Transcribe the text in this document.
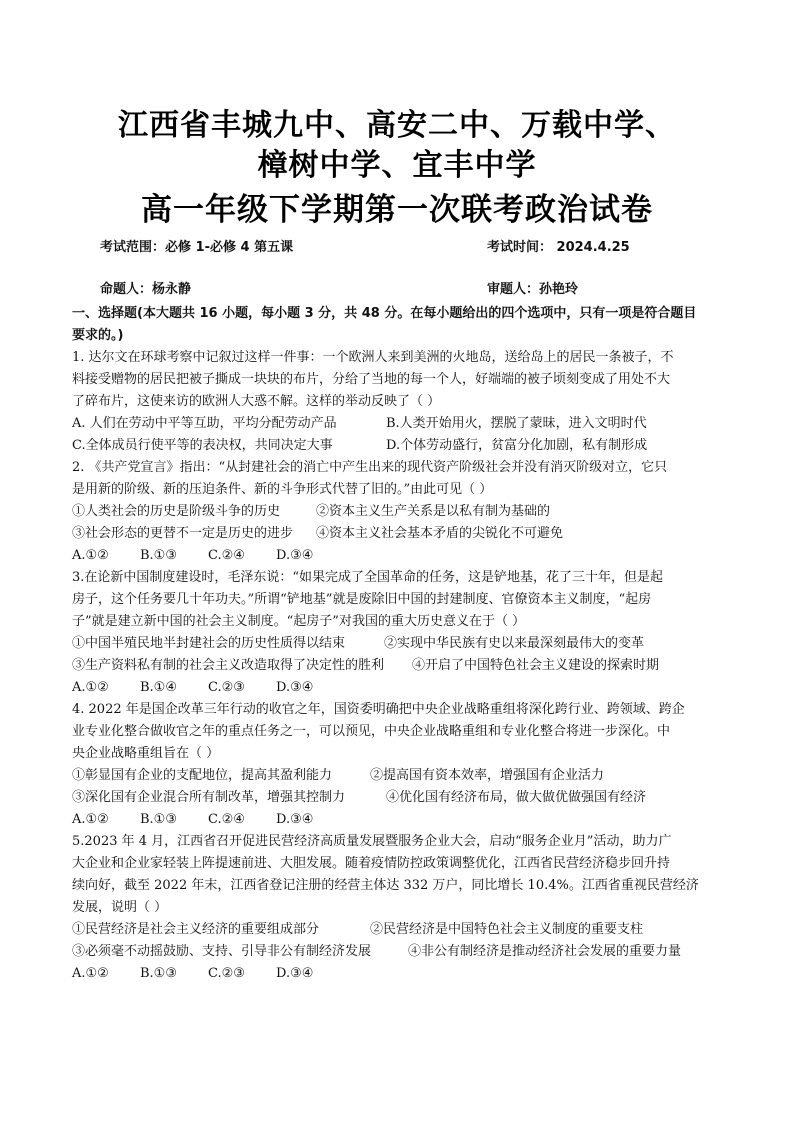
江西省丰城九中、高安二中、万载中学、
樟树中学、宜丰中学
高一年级下学期第一次联考政治试卷
考试范围：必修 1-必修 4 第五课	考试时间： 2024.4.25
命题人：杨永静	审题人：孙艳玲
一、选择题(本大题共 16 小题，每小题 3 分，共 48 分。在每小题给出的四个选项中，只有一项是符合题目
要求的。)
1. 达尔文在环球考察中记叙过这样一件事：一个欧洲人来到美洲的火地岛，送给岛上的居民一条被子，不
料接受赠物的居民把被子撕成一块块的布片，分给了当地的每一个人，好端端的被子顷刻变成了用处不大
了碎布片，这使来访的欧洲人大惑不解。这样的举动反映了（ ）
A. 人们在劳动中平等互助，平均分配劳动产品	B.人类开始用火，摆脱了蒙昧，进入文明时代
C.全体成员行使平等的表决权，共同决定大事	D.个体劳动盛行，贫富分化加剧，私有制形成
2. 《共产党宣言》指出：“从封建社会的消亡中产生出来的现代资产阶级社会并没有消灭阶级对立，它只
是用新的阶级、新的压迫条件、新的斗争形式代替了旧的。”由此可见（ ）
①人类社会的历史是阶级斗争的历史	②资本主义生产关系是以私有制为基础的
③社会形态的更替不一定是历史的进步 ④资本主义社会基本矛盾的尖锐化不可避免
A.①② B.①③ C.②④ D.③④
3.在论新中国制度建设时，毛泽东说：“如果完成了全国革命的任务，这是铲地基，花了三十年，但是起
房子，这个任务要几十年功夫。”所谓“铲地基”就是废除旧中国的封建制度、官僚资本主义制度，“起房
子”就是建立新中国的社会主义制度。“起房子”对我国的重大历史意义在于（ ）
①中国半殖民地半封建社会的历史性质得以结束	②实现中华民族有史以来最深刻最伟大的变革
③生产资料私有制的社会主义改造取得了决定性的胜利 ④开启了中国特色社会主义建设的探索时期
A.①② B.①④ C.②③ D.③④
4. 2022 年是国企改革三年行动的收官之年，国资委明确把中央企业战略重组将深化跨行业、跨领域、跨企
业专业化整合做收官之年的重点任务之一，可以预见，中央企业战略重组和专业化整合将进一步深化。中
央企业战略重组旨在（ ）
①彰显国有企业的支配地位，提高其盈利能力	②提高国有资本效率，增强国有企业活力
③深化国有企业混合所有制改革，增强其控制力	④优化国有经济布局，做大做优做强国有经济
A.①② B.①③ C.②④ D.③④
5.2023 年 4 月，江西省召开促进民营经济高质量发展暨服务企业大会，启动“服务企业月”活动，助力广
大企业和企业家轻装上阵提速前进、大胆发展。随着疫情防控政策调整优化，江西省民营经济稳步回升持
续向好，截至 2022 年末，江西省登记注册的经营主体达 332 万户，同比增长 10.4%。江西省重视民营经济
发展，说明（ ）
①民营经济是社会主义经济的重要组成部分	②民营经济是中国特色社会主义制度的重要支柱
③必须毫不动摇鼓励、支持、引导非公有制经济发展	④非公有制经济是推动经济社会发展的重要力量
A.①② B.①③ C.②③ D.③④
